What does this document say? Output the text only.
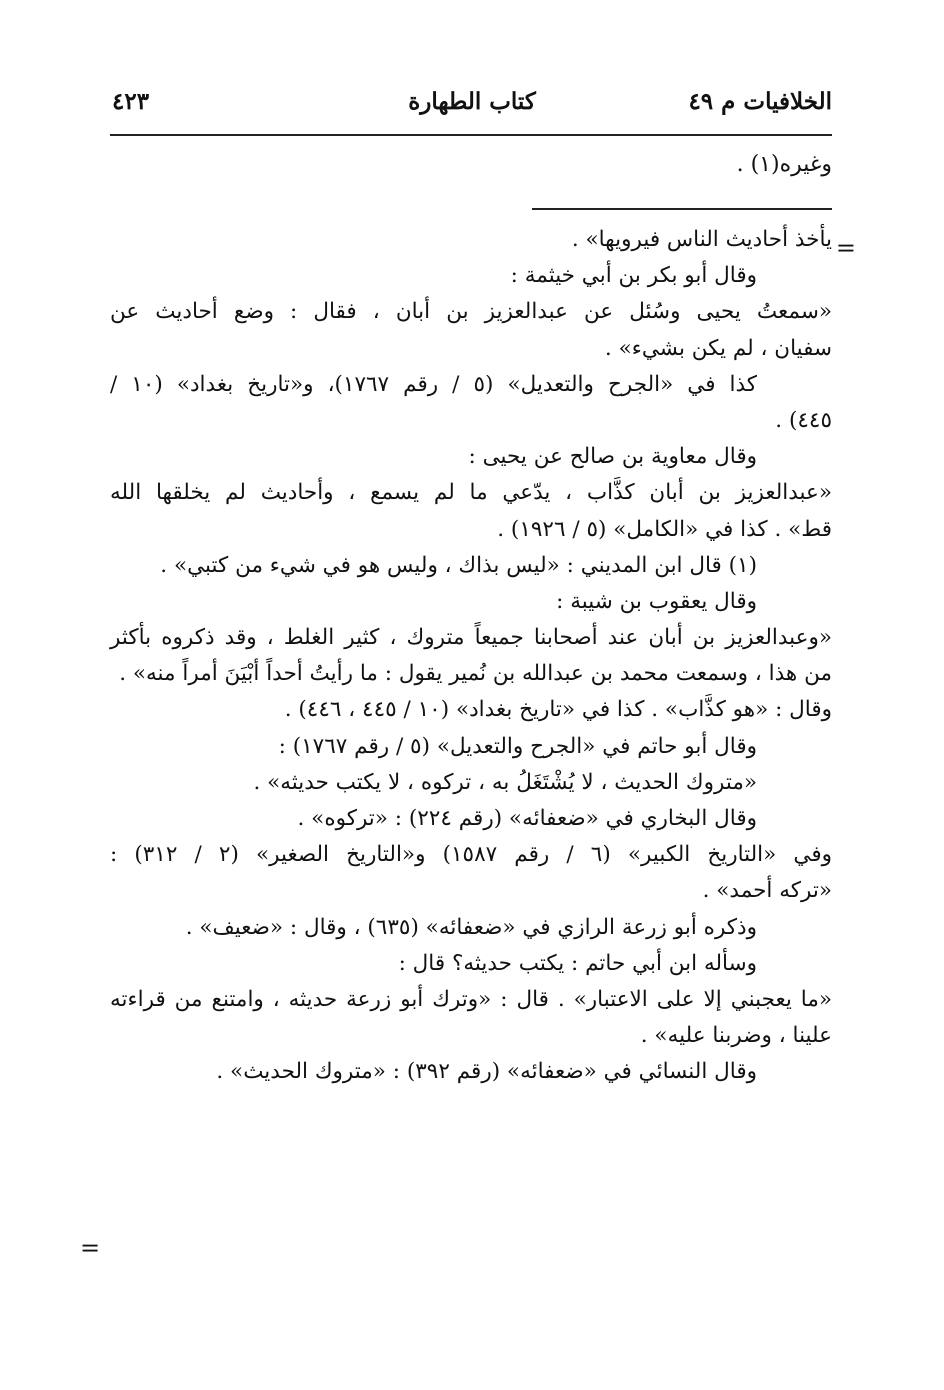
الخلافيات م ٤٩
كتاب الطهارة
٤٢٣
وغيره(١) .
=
يأخذ أحاديث الناس فيرويها» .
وقال أبو بكر بن أبي خيثمة :
«سمعتُ يحيى وسُئل عن عبدالعزيز بن أبان ، فقال : وضع أحاديث عن
سفيان ، لم يكن بشيء» .
كذا في «الجرح والتعديل» (٥ / رقم ١٧٦٧)، و«تاريخ بغداد» (١٠ /
٤٤٥) .
وقال معاوية بن صالح عن يحيى :
«عبدالعزيز بن أبان كذَّاب ، يدّعي ما لم يسمع ، وأحاديث لم يخلقها الله
قط» . كذا في «الكامل» (٥ / ١٩٢٦) .
(١) قال ابن المديني : «ليس بذاك ، وليس هو في شيء من كتبي» .
وقال يعقوب بن شيبة :
«وعبدالعزيز بن أبان عند أصحابنا جميعاً متروك ، كثير الغلط ، وقد ذكروه بأكثر
من هذا ، وسمعت محمد بن عبدالله بن نُمير يقول : ما رأيتُ أحداً أبْيَنَ أمراً منه» .
وقال : «هو كذَّاب» . كذا في «تاريخ بغداد» (١٠ / ٤٤٥ ، ٤٤٦) .
وقال أبو حاتم في «الجرح والتعديل» (٥ / رقم ١٧٦٧) :
«متروك الحديث ، لا يُشْتَغَلُ به ، تركوه ، لا يكتب حديثه» .
وقال البخاري في «ضعفائه» (رقم ٢٢٤) : «تركوه» .
وفي «التاريخ الكبير» (٦ / رقم ١٥٨٧) و«التاريخ الصغير» (٢ / ٣١٢) :
«تركه أحمد» .
وذكره أبو زرعة الرازي في «ضعفائه» (٦٣٥) ، وقال : «ضعيف» .
وسأله ابن أبي حاتم : يكتب حديثه؟ قال :
«ما يعجبني إلا على الاعتبار» . قال : «وترك أبو زرعة حديثه ، وامتنع من قراءته
علينا ، وضربنا عليه» .
وقال النسائي في «ضعفائه» (رقم ٣٩٢) : «متروك الحديث» .
=
